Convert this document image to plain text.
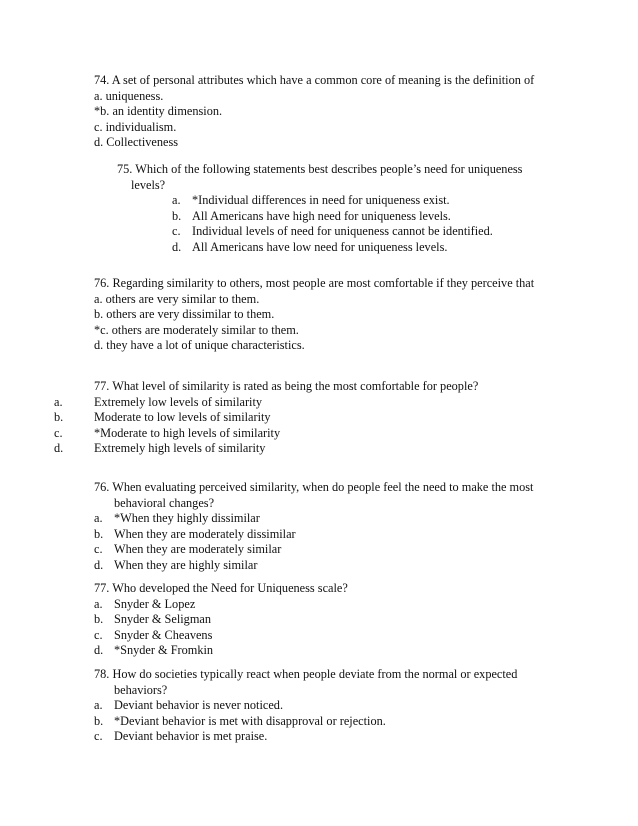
74. A set of personal attributes which have a common core of meaning is the definition of
a. uniqueness.
*b. an identity dimension.
c. individualism.
d. Collectiveness
75. Which of the following statements best describes people’s need for uniqueness
levels?
a. *Individual differences in need for uniqueness exist.
b. All Americans have high need for uniqueness levels.
c. Individual levels of need for uniqueness cannot be identified.
d. All Americans have low need for uniqueness levels.
76. Regarding similarity to others, most people are most comfortable if they perceive that
a. others are very similar to them.
b. others are very dissimilar to them.
*c. others are moderately similar to them.
d. they have a lot of unique characteristics.
77. What level of similarity is rated as being the most comfortable for people?
a.	Extremely low levels of similarity
b.	Moderate to low levels of similarity
c.	*Moderate to high levels of similarity
d.	Extremely high levels of similarity
76. When evaluating perceived similarity, when do people feel the need to make the most
behavioral changes?
a. *When they highly dissimilar
b. When they are moderately dissimilar
c. When they are moderately similar
d. When they are highly similar
77. Who developed the Need for Uniqueness scale?
a. Snyder & Lopez
b. Snyder & Seligman
c. Snyder & Cheavens
d. *Snyder & Fromkin
78. How do societies typically react when people deviate from the normal or expected
behaviors?
a. Deviant behavior is never noticed.
b. *Deviant behavior is met with disapproval or rejection.
c. Deviant behavior is met praise.
